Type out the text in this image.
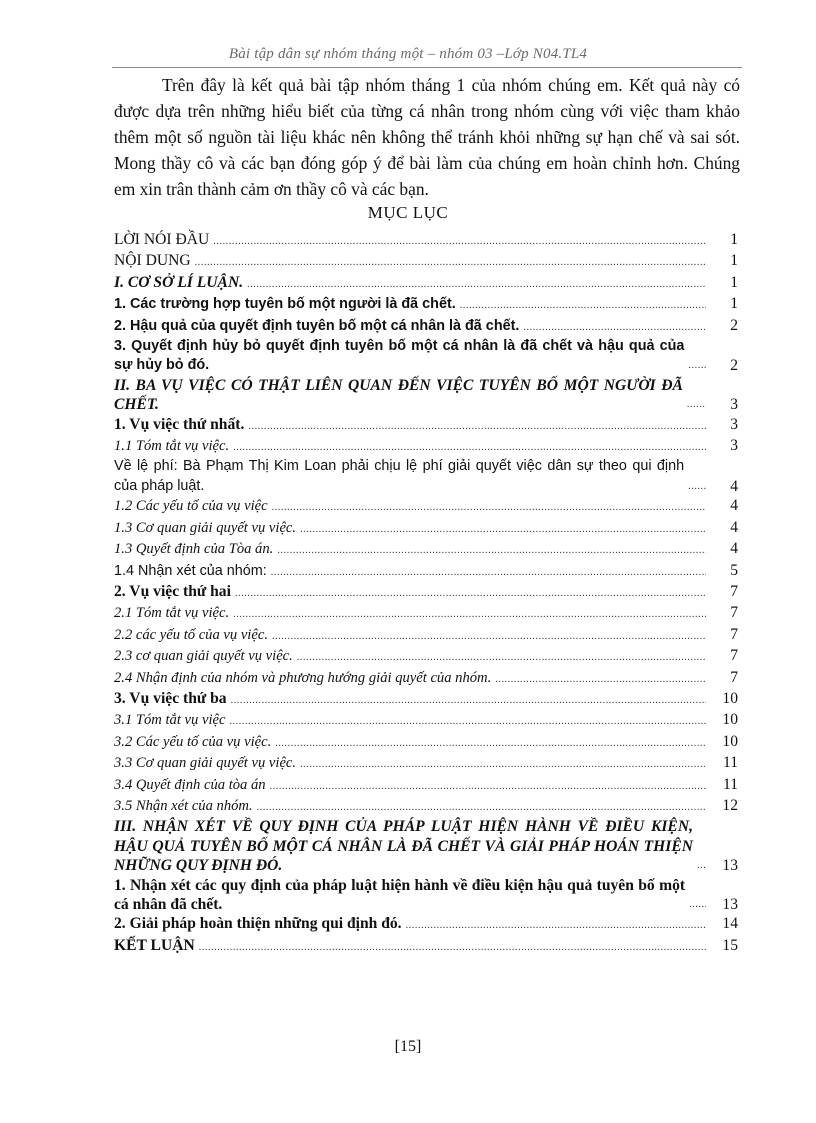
Bài tập dân sự nhóm tháng một – nhóm 03 –Lớp N04.TL4

Trên đây là kết quả bài tập nhóm tháng 1 của nhóm chúng em. Kết quả này có được dựa trên những hiểu biết của từng cá nhân trong nhóm cùng với việc tham khảo thêm một số nguồn tài liệu khác nên không thể tránh khỏi những sự hạn chế và sai sót. Mong thầy cô và các bạn đóng góp ý để bài làm của chúng em hoàn chỉnh hơn. Chúng em xin trân thành cảm ơn thầy cô và các bạn.

MỤC LỤC
LỜI NÓI ĐẦU .....	1
NỘI DUNG .....	1
I. CƠ SỞ LÍ LUẬN. .....	1
1. Các trường hợp tuyên bố một người là đã chết. .....	1
2. Hậu quả của quyết định tuyên bố một cá nhân là đã chết. .....	2
3. Quyết định hủy bỏ quyết định tuyên bố một cá nhân là đã chết và hậu quả của sự hủy bỏ đó. .....	2
II. BA VỤ VIỆC CÓ THẬT LIÊN QUAN ĐẾN VIỆC TUYÊN BỐ MỘT NGƯỜI ĐÃ CHẾT. .....	3
1. Vụ việc thứ nhất. .....	3
1.1 Tóm tắt vụ việc. .....	3
Về lệ phí: Bà Phạm Thị Kim Loan phải chịu lệ phí giải quyết việc dân sự theo qui định của pháp luật. .....	4
1.2 Các yếu tố của vụ việc .....	4
1.3 Cơ quan giải quyết vụ việc. .....	4
1.3 Quyết định của Tòa án. .....	4
1.4 Nhận xét của nhóm: .....	5
2. Vụ việc thứ hai .....	7
2.1 Tóm tắt vụ việc. .....	7
2.2 các yếu tố của vụ việc. .....	7
2.3 cơ quan giải quyết vụ việc. .....	7
2.4 Nhận định của nhóm và phương hướng giải quyết của nhóm. .....	7
3. Vụ việc thứ ba .....	10
3.1 Tóm tắt vụ việc .....	10
3.2 Các yếu tố của vụ việc. .....	10
3.3 Cơ quan giải quyết vụ việc. .....	11
3.4 Quyết định của tòa án .....	11
3.5 Nhận xét của nhóm. .....	12
III. NHẬN XÉT VỀ QUY ĐỊNH CỦA PHÁP LUẬT HIỆN HÀNH VỀ ĐIỀU KIỆN, HẬU QUẢ TUYÊN BỐ MỘT CÁ NHÂN LÀ ĐÃ CHẾT VÀ GIẢI PHÁP HOÁN THIỆN NHỮNG QUY ĐỊNH ĐÓ. .....	13
1. Nhận xét các quy định của pháp luật hiện hành về điều kiện hậu quả tuyên bố một cá nhân đã chết. .....	13
2. Giải pháp hoàn thiện những qui định đó. .....	14
KẾT LUẬN .....	15
[15]
